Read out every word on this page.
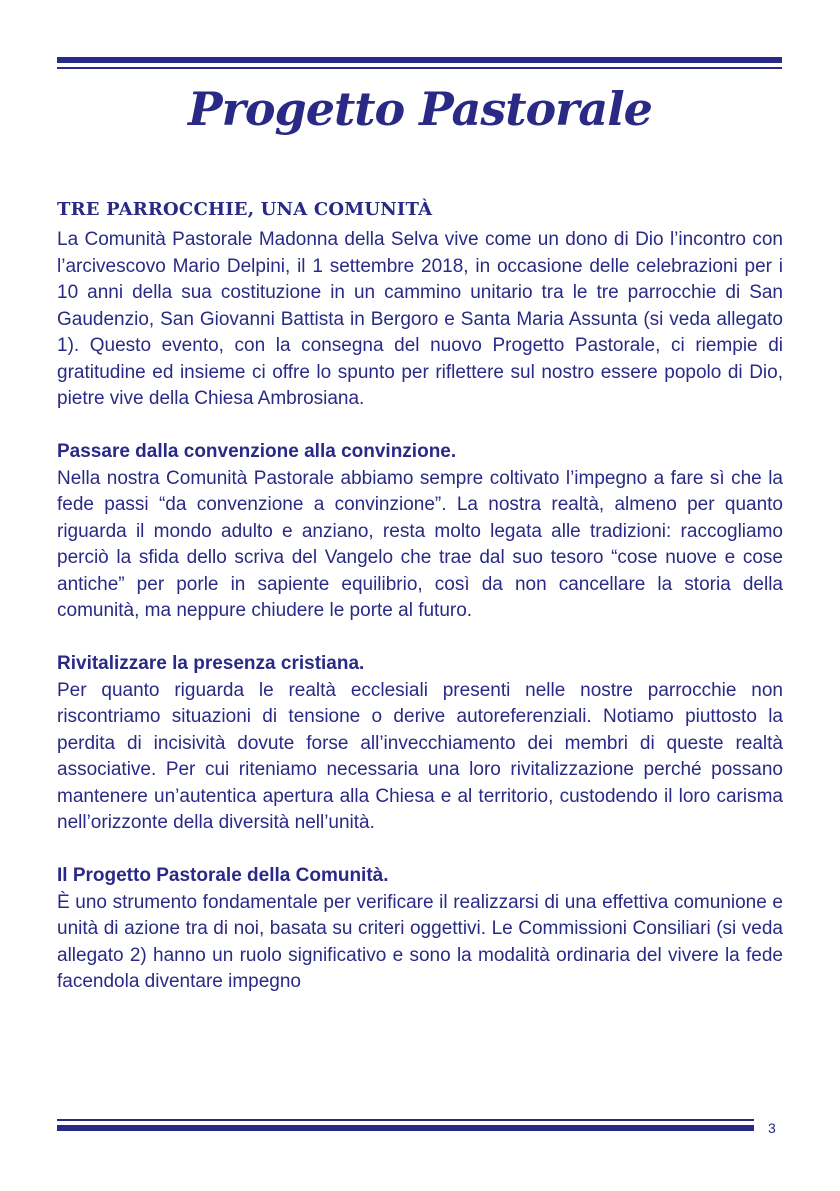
Progetto Pastorale
TRE PARROCCHIE, UNA COMUNITÀ

La Comunità Pastorale Madonna della Selva vive come un dono di Dio l’incontro con l’arcivescovo Mario Delpini, il 1 settembre 2018, in occasione delle celebrazioni per i 10 anni della sua costituzione in un cammino unitario tra le tre parrocchie di San Gaudenzio, San Giovanni Battista in Bergoro e Santa Maria Assunta (si veda allegato 1). Questo evento, con la consegna del nuovo Progetto Pastorale, ci riempie di gratitudine ed insieme ci offre lo spunto per riflettere sul nostro essere popolo di Dio, pietre vive della Chiesa Ambrosiana.

Passare dalla convenzione alla convinzione.

Nella nostra Comunità Pastorale abbiamo sempre coltivato l’impegno a fare sì che la fede passi “da convenzione a convinzione”. La nostra realtà, almeno per quanto riguarda il mondo adulto e anziano, resta molto legata alle tradizioni: raccogliamo perciò la sfida dello scriva del Vangelo che trae dal suo tesoro “cose nuove e cose antiche” per porle in sapiente equilibrio, così da non cancellare la storia della comunità, ma neppure chiudere le porte al futuro.

Rivitalizzare la presenza cristiana.

Per quanto riguarda le realtà ecclesiali presenti nelle nostre parrocchie non riscontriamo situazioni di tensione o derive autoreferenziali. Notiamo piuttosto la perdita di incisività dovute forse all’invecchiamento dei membri di queste realtà associative. Per cui riteniamo necessaria una loro rivitalizzazione perché possano mantenere un’autentica apertura alla Chiesa e al territorio, custodendo il loro carisma nell’orizzonte della diversità nell’unità.

Il Progetto Pastorale della Comunità.

È uno strumento fondamentale per verificare il realizzarsi di una effettiva comunione e unità di azione tra di noi, basata su criteri oggettivi. Le Commissioni Consiliari (si veda allegato 2) hanno un ruolo significativo e sono la modalità ordinaria del vivere la fede facendola diventare impegno

3
